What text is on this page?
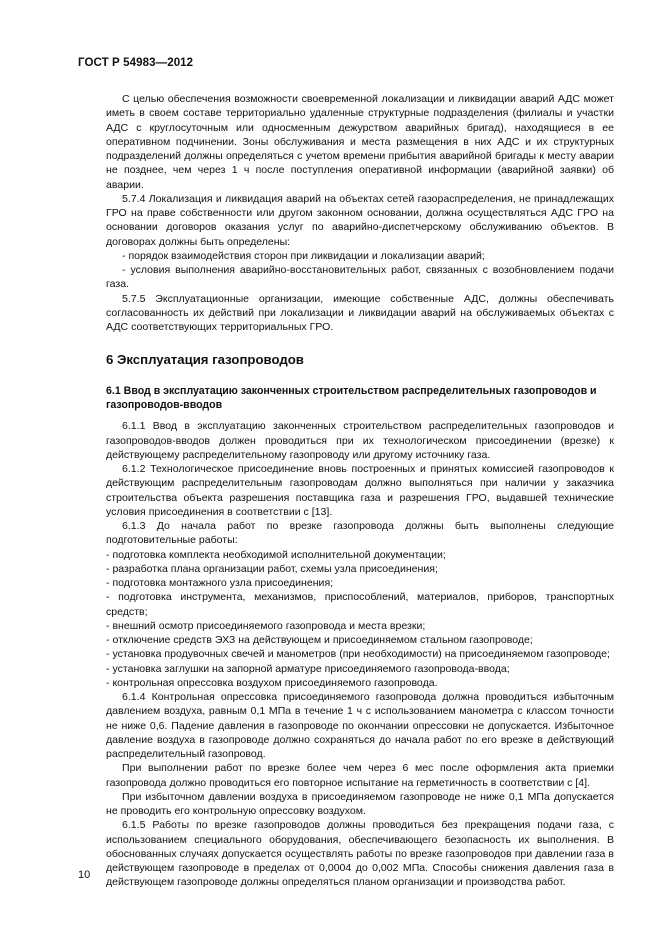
ГОСТ Р 54983—2012

С целью обеспечения возможности своевременной локализации и ликвидации аварий АДС может иметь в своем составе территориально удаленные структурные подразделения (филиалы и участки АДС с круглосуточным или односменным дежурством аварийных бригад), находящиеся в ее оперативном подчинении. Зоны обслуживания и места размещения в них АДС и их структурных подразделений должны определяться с учетом времени прибытия аварийной бригады к месту аварии не позднее, чем через 1 ч после поступления оперативной информации (аварийной заявки) об аварии.

5.7.4 Локализация и ликвидация аварий на объектах сетей газораспределения, не принадлежащих ГРО на праве собственности или другом законном основании, должна осуществляться АДС ГРО на основании договоров оказания услуг по аварийно-диспетчерскому обслуживанию объектов. В договорах должны быть определены:

- порядок взаимодействия сторон при ликвидации и локализации аварий;

- условия выполнения аварийно-восстановительных работ, связанных с возобновлением подачи газа.

5.7.5 Эксплуатационные организации, имеющие собственные АДС, должны обеспечивать согласованность их действий при локализации и ликвидации аварий на обслуживаемых объектах с АДС соответствующих территориальных ГРО.

6 Эксплуатация газопроводов
6.1 Ввод в эксплуатацию законченных строительством распределительных газопроводов и газопроводов-вводов

6.1.1 Ввод в эксплуатацию законченных строительством распределительных газопроводов и газопроводов-вводов должен проводиться при их технологическом присоединении (врезке) к действующему распределительному газопроводу или другому источнику газа.

6.1.2 Технологическое присоединение вновь построенных и принятых комиссией газопроводов к действующим распределительным газопроводам должно выполняться при наличии у заказчика строительства объекта разрешения поставщика газа и разрешения ГРО, выдавшей технические условия присоединения в соответствии с [13].

6.1.3 До начала работ по врезке газопровода должны быть выполнены следующие подготовительные работы:

- подготовка комплекта необходимой исполнительной документации;

- разработка плана организации работ, схемы узла присоединения;

- подготовка монтажного узла присоединения;

- подготовка инструмента, механизмов, приспособлений, материалов, приборов, транспортных средств;

- внешний осмотр присоединяемого газопровода и места врезки;

- отключение средств ЭХЗ на действующем и присоединяемом стальном газопроводе;

- установка продувочных свечей и манометров (при необходимости) на присоединяемом газопроводе;

- установка заглушки на запорной арматуре присоединяемого газопровода-ввода;

- контрольная опрессовка воздухом присоединяемого газопровода.

6.1.4 Контрольная опрессовка присоединяемого газопровода должна проводиться избыточным давлением воздуха, равным 0,1 МПа в течение 1 ч с использованием манометра с классом точности не ниже 0,6. Падение давления в газопроводе по окончании опрессовки не допускается. Избыточное давление воздуха в газопроводе должно сохраняться до начала работ по его врезке в действующий распределительный газопровод.

При выполнении работ по врезке более чем через 6 мес после оформления акта приемки газопровода должно проводиться его повторное испытание на герметичность в соответствии с [4].

При избыточном давлении воздуха в присоединяемом газопроводе не ниже 0,1 МПа допускается не проводить его контрольную опрессовку воздухом.

6.1.5 Работы по врезке газопроводов должны проводиться без прекращения подачи газа, с использованием специального оборудования, обеспечивающего безопасность их выполнения. В обоснованных случаях допускается осуществлять работы по врезке газопроводов при давлении газа в действующем газопроводе в пределах от 0,0004 до 0,002 МПа. Способы снижения давления газа в действующем газопроводе должны определяться планом организации и производства работ.

10
